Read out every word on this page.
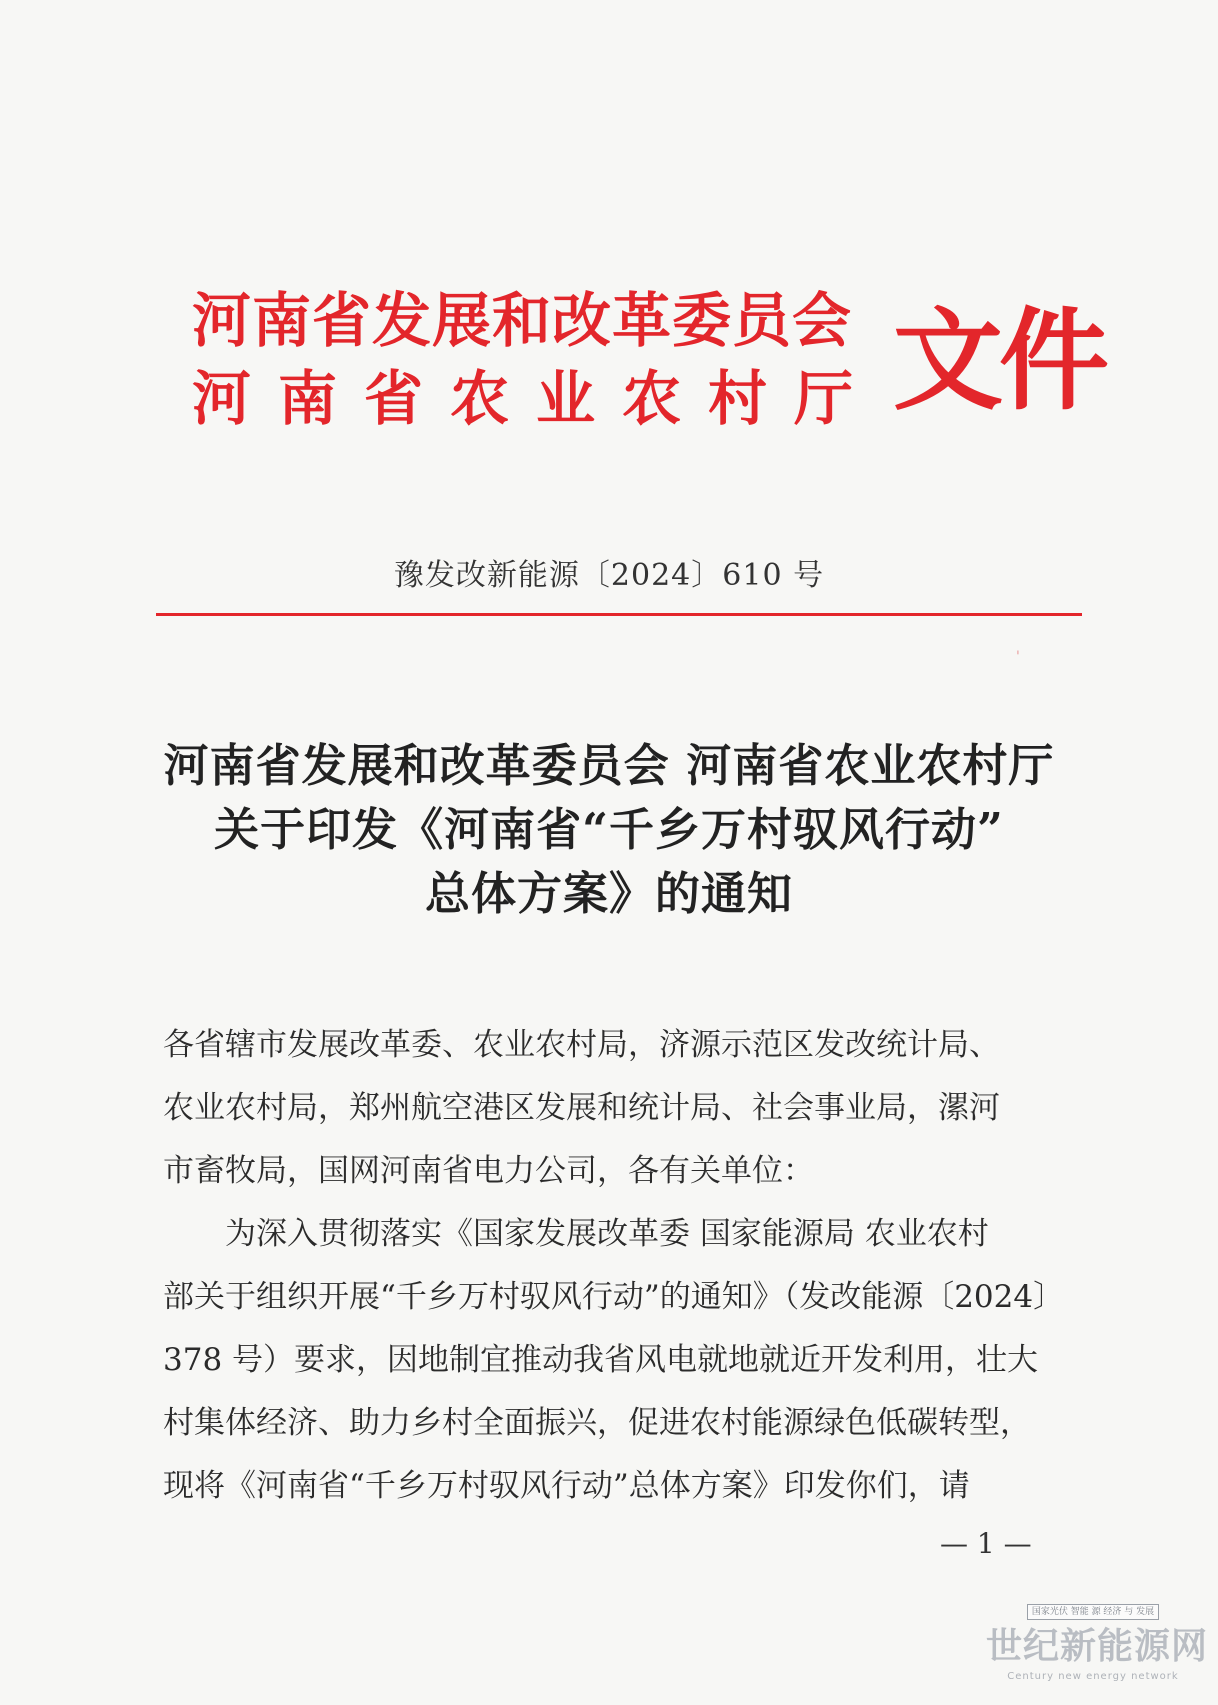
河南省发展和改革委员会
河南省农业农村厅 文件
豫发改新能源〔2024〕610 号
'
河南省发展和改革委员会 河南省农业农村厅
关于印发《河南省“千乡万村驭风行动”
总体方案》的通知
各省辖市发展改革委、农业农村局，济源示范区发改统计局、
农业农村局，郑州航空港区发展和统计局、社会事业局，漯河
市畜牧局，国网河南省电力公司，各有关单位：
为深入贯彻落实《国家发展改革委 国家能源局 农业农村
部关于组织开展“千乡万村驭风行动”的通知》（发改能源〔2024〕
378 号）要求，因地制宜推动我省风电就地就近开发利用，壮大
村集体经济、助力乡村全面振兴，促进农村能源绿色低碳转型，
现将《河南省“千乡万村驭风行动”总体方案》印发你们，请
— 1 —
国家光伏 智能 源 经济 与 发展
世纪新能源网
Century new energy network
